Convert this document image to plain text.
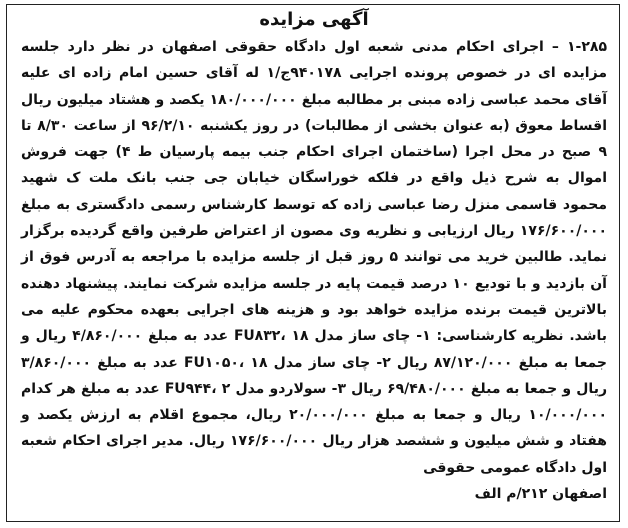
آگهی مزایده

۱-۲۸۵ – اجرای احکام مدنی شعبه اول دادگاه حقوقی اصفهان در نظر دارد جلسه مزایده ای در خصوص پرونده اجرایی ۹۴۰۱۷۸ج/۱ له آقای حسین امام زاده ای علیه آقای محمد عباسی زاده مبنی بر مطالبه مبلغ ۱۸۰/۰۰۰/۰۰۰ یکصد و هشتاد میلیون ریال اقساط معوق (به عنوان بخشی از مطالبات) در روز یکشنبه ۹۶/۲/۱۰ از ساعت ۸/۳۰ تا ۹ صبح در محل اجرا (ساختمان اجرای احکام جنب بیمه پارسیان ط ۴) جهت فروش اموال به شرح ذیل واقع در فلکه خوراسگان خیابان جی جنب بانک ملت ک شهید محمود قاسمی منزل رضا عباسی زاده که توسط کارشناس رسمی دادگستری به مبلغ ۱۷۶/۶۰۰/۰۰۰ ریال ارزیابی و نظریه وی مصون از اعتراض طرفین واقع گردیده برگزار نماید. طالبین خرید می توانند ۵ روز قبل از جلسه مزایده با مراجعه به آدرس فوق از آن بازدید و با تودیع ۱۰ درصد قیمت پایه در جلسه مزایده شرکت نمایند. پیشنهاد دهنده بالاترین قیمت برنده مزایده خواهد بود و هزینه های اجرایی بعهده محکوم علیه می باشد. نظریه کارشناسی: ۱- چای ساز مدل FU۸۳۲، ۱۸ عدد به مبلغ ۴/۸۶۰/۰۰۰ ریال و جمعا به مبلغ ۸۷/۱۲۰/۰۰۰ ریال ۲- چای ساز مدل FU۱۰۵۰، ۱۸ عدد به مبلغ ۳/۸۶۰/۰۰۰ ریال و جمعا به مبلغ ۶۹/۴۸۰/۰۰۰ ریال ۳- سولاردو مدل FU۹۴۴، ۲ عدد به مبلغ هر کدام ۱۰/۰۰۰/۰۰۰ ریال و جمعا به مبلغ ۲۰/۰۰۰/۰۰۰ ریال، مجموع اقلام به ارزش یکصد و هفتاد و شش میلیون و ششصد هزار ریال ۱۷۶/۶۰۰/۰۰۰ ریال. مدیر اجرای احکام شعبه اول دادگاه عمومی حقوقی

اصفهان ۲۱۲/م الف
